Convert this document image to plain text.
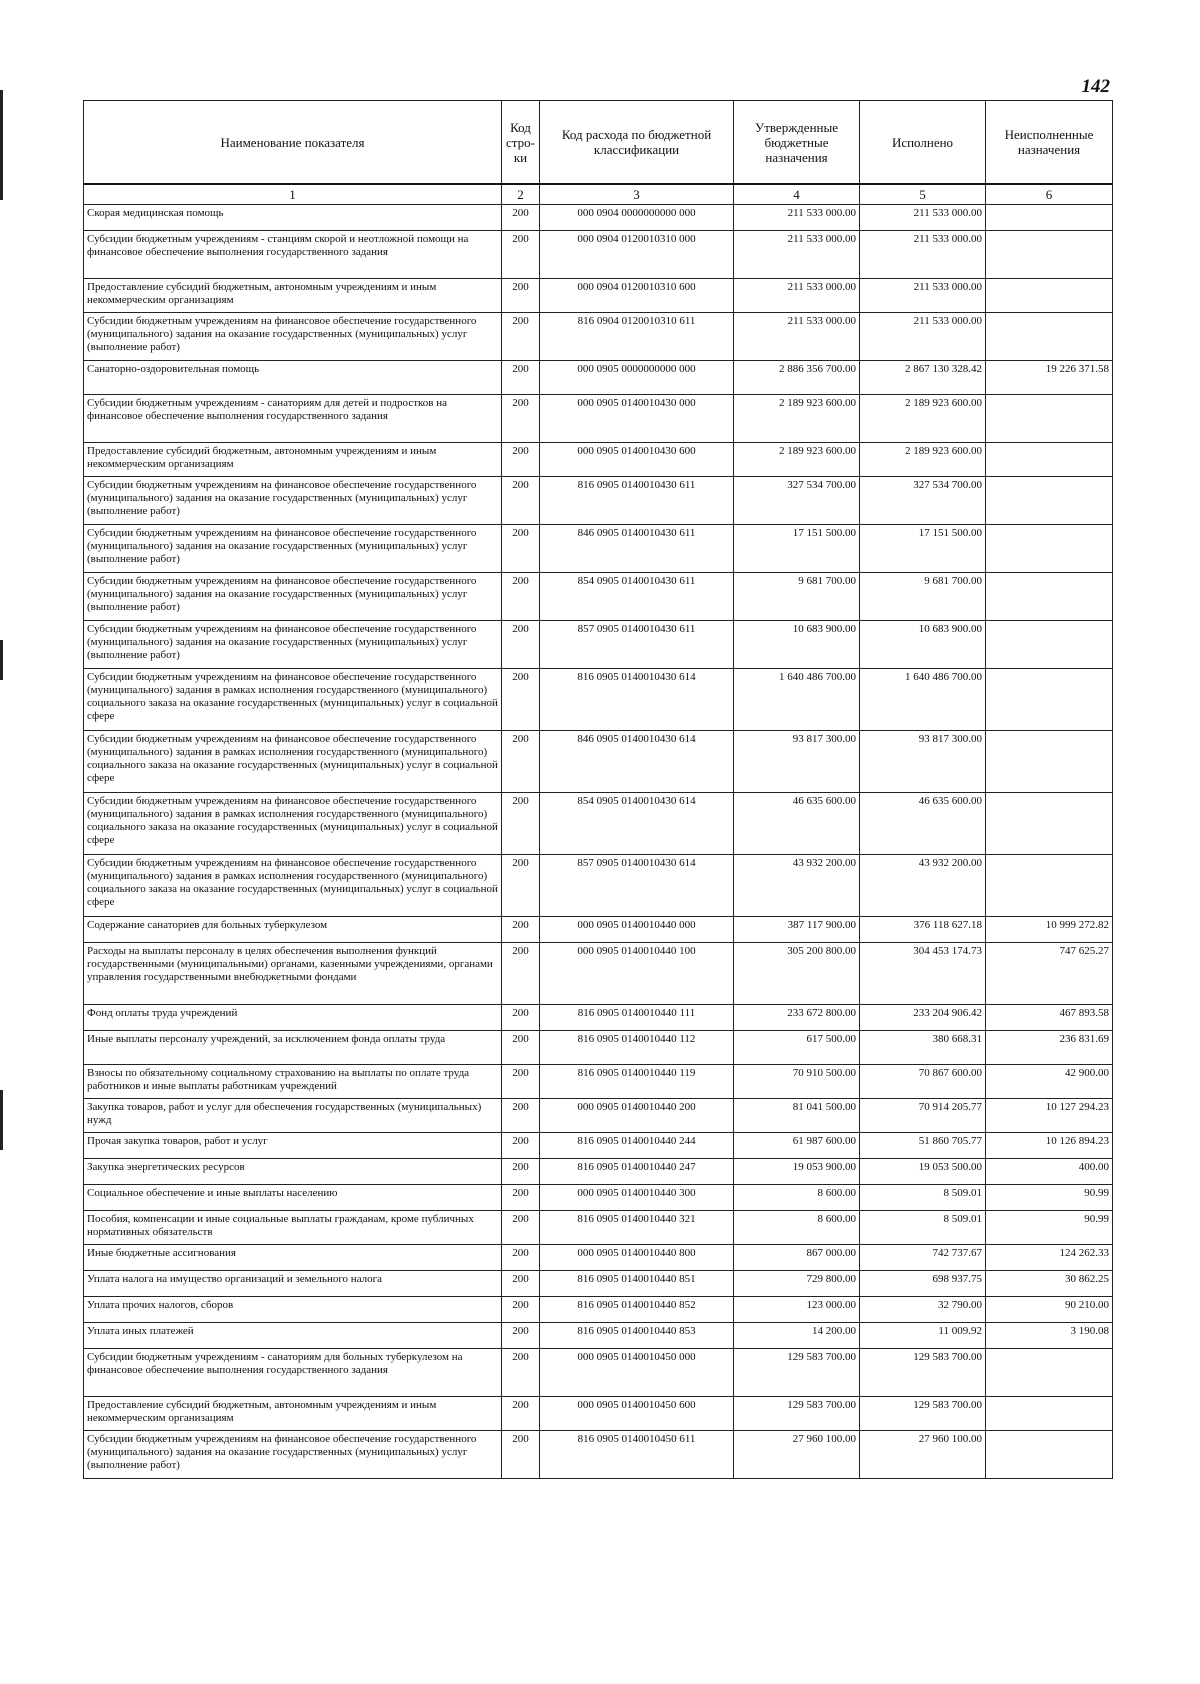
142
Наименование показателя	Код стро-ки	Код расхода по бюджетной классификации	Утвержденные бюджетные назначения	Исполнено	Неисполненные назначения
1	2	3	4	5	6
Скорая медицинская помощь	200	000 0904 0000000000 000	211 533 000.00	211 533 000.00	
Субсидии бюджетным учреждениям - станциям скорой и неотложной помощи на финансовое обеспечение выполнения государственного задания	200	000 0904 0120010310 000	211 533 000.00	211 533 000.00	
Предоставление субсидий бюджетным, автономным учреждениям и иным некоммерческим организациям	200	000 0904 0120010310 600	211 533 000.00	211 533 000.00	
Субсидии бюджетным учреждениям на финансовое обеспечение государственного (муниципального) задания на оказание государственных (муниципальных) услуг (выполнение работ)	200	816 0904 0120010310 611	211 533 000.00	211 533 000.00	
Санаторно-оздоровительная помощь	200	000 0905 0000000000 000	2 886 356 700.00	2 867 130 328.42	19 226 371.58
Субсидии бюджетным учреждениям - санаториям для детей и подростков на финансовое обеспечение выполнения государственного задания	200	000 0905 0140010430 000	2 189 923 600.00	2 189 923 600.00	
Предоставление субсидий бюджетным, автономным учреждениям и иным некоммерческим организациям	200	000 0905 0140010430 600	2 189 923 600.00	2 189 923 600.00	
Субсидии бюджетным учреждениям на финансовое обеспечение государственного (муниципального) задания на оказание государственных (муниципальных) услуг (выполнение работ)	200	816 0905 0140010430 611	327 534 700.00	327 534 700.00	
Субсидии бюджетным учреждениям на финансовое обеспечение государственного (муниципального) задания на оказание государственных (муниципальных) услуг (выполнение работ)	200	846 0905 0140010430 611	17 151 500.00	17 151 500.00	
Субсидии бюджетным учреждениям на финансовое обеспечение государственного (муниципального) задания на оказание государственных (муниципальных) услуг (выполнение работ)	200	854 0905 0140010430 611	9 681 700.00	9 681 700.00	
Субсидии бюджетным учреждениям на финансовое обеспечение государственного (муниципального) задания на оказание государственных (муниципальных) услуг (выполнение работ)	200	857 0905 0140010430 611	10 683 900.00	10 683 900.00	
Субсидии бюджетным учреждениям на финансовое обеспечение государственного (муниципального) задания в рамках исполнения государственного (муниципального) социального заказа на оказание государственных (муниципальных) услуг в социальной сфере	200	816 0905 0140010430 614	1 640 486 700.00	1 640 486 700.00	
Субсидии бюджетным учреждениям на финансовое обеспечение государственного (муниципального) задания в рамках исполнения государственного (муниципального) социального заказа на оказание государственных (муниципальных) услуг в социальной сфере	200	846 0905 0140010430 614	93 817 300.00	93 817 300.00	
Субсидии бюджетным учреждениям на финансовое обеспечение государственного (муниципального) задания в рамках исполнения государственного (муниципального) социального заказа на оказание государственных (муниципальных) услуг в социальной сфере	200	854 0905 0140010430 614	46 635 600.00	46 635 600.00	
Субсидии бюджетным учреждениям на финансовое обеспечение государственного (муниципального) задания в рамках исполнения государственного (муниципального) социального заказа на оказание государственных (муниципальных) услуг в социальной сфере	200	857 0905 0140010430 614	43 932 200.00	43 932 200.00	
Содержание санаториев для больных туберкулезом	200	000 0905 0140010440 000	387 117 900.00	376 118 627.18	10 999 272.82
Расходы на выплаты персоналу в целях обеспечения выполнения функций государственными (муниципальными) органами, казенными учреждениями, органами управления государственными внебюджетными фондами	200	000 0905 0140010440 100	305 200 800.00	304 453 174.73	747 625.27
Фонд оплаты труда учреждений	200	816 0905 0140010440 111	233 672 800.00	233 204 906.42	467 893.58
Иные выплаты персоналу учреждений, за исключением фонда оплаты труда	200	816 0905 0140010440 112	617 500.00	380 668.31	236 831.69
Взносы по обязательному социальному страхованию на выплаты по оплате труда работников и иные выплаты работникам учреждений	200	816 0905 0140010440 119	70 910 500.00	70 867 600.00	42 900.00
Закупка товаров, работ и услуг для обеспечения государственных (муниципальных) нужд	200	000 0905 0140010440 200	81 041 500.00	70 914 205.77	10 127 294.23
Прочая закупка товаров, работ и услуг	200	816 0905 0140010440 244	61 987 600.00	51 860 705.77	10 126 894.23
Закупка энергетических ресурсов	200	816 0905 0140010440 247	19 053 900.00	19 053 500.00	400.00
Социальное обеспечение и иные выплаты населению	200	000 0905 0140010440 300	8 600.00	8 509.01	90.99
Пособия, компенсации и иные социальные выплаты гражданам, кроме публичных нормативных обязательств	200	816 0905 0140010440 321	8 600.00	8 509.01	90.99
Иные бюджетные ассигнования	200	000 0905 0140010440 800	867 000.00	742 737.67	124 262.33
Уплата налога на имущество организаций и земельного налога	200	816 0905 0140010440 851	729 800.00	698 937.75	30 862.25
Уплата прочих налогов, сборов	200	816 0905 0140010440 852	123 000.00	32 790.00	90 210.00
Уплата иных платежей	200	816 0905 0140010440 853	14 200.00	11 009.92	3 190.08
Субсидии бюджетным учреждениям - санаториям для больных туберкулезом на финансовое обеспечение выполнения государственного задания	200	000 0905 0140010450 000	129 583 700.00	129 583 700.00	
Предоставление субсидий бюджетным, автономным учреждениям и иным некоммерческим организациям	200	000 0905 0140010450 600	129 583 700.00	129 583 700.00	
Субсидии бюджетным учреждениям на финансовое обеспечение государственного (муниципального) задания на оказание государственных (муниципальных) услуг (выполнение работ)	200	816 0905 0140010450 611	27 960 100.00	27 960 100.00	
